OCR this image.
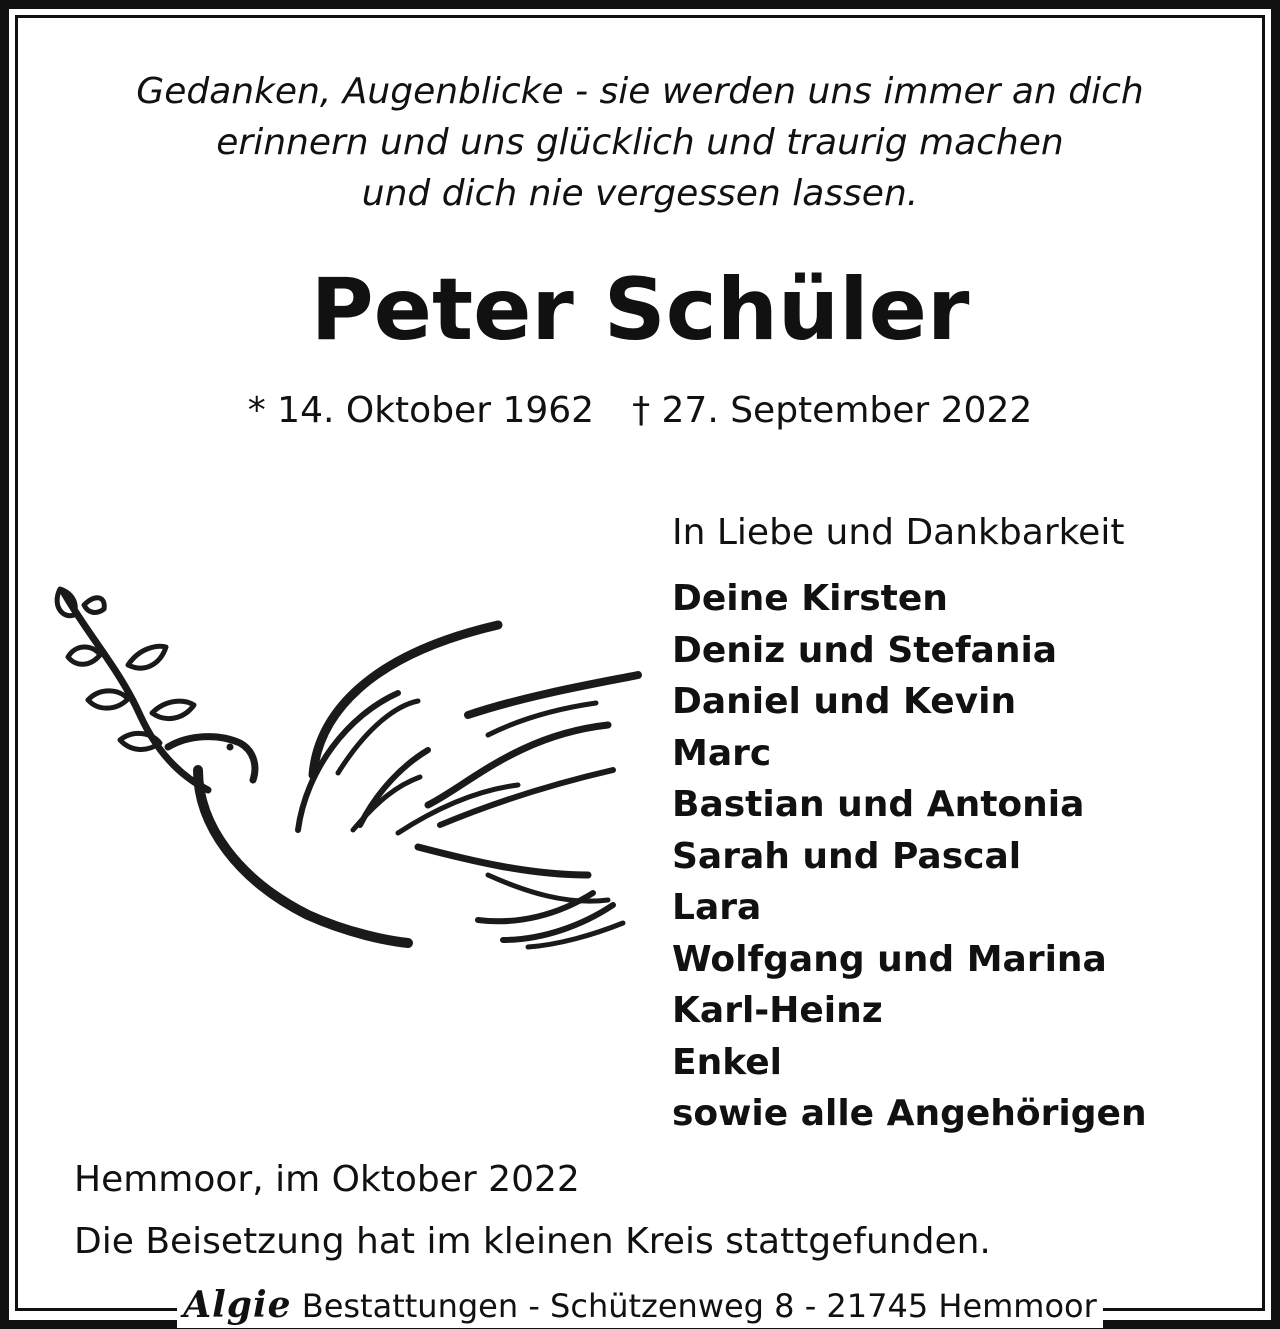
Gedanken, Augenblicke - sie werden uns immer an dich
erinnern und uns glücklich und traurig machen
und dich nie vergessen lassen.
Peter Schüler
* 14. Oktober 1962 † 27. September 2022
In Liebe und Dankbarkeit
Deine Kirsten
Deniz und Stefania
Daniel und Kevin
Marc
Bastian und Antonia
Sarah und Pascal
Lara
Wolfgang und Marina
Karl-Heinz
Enkel
sowie alle Angehörigen
Hemmoor, im Oktober 2022
Die Beisetzung hat im kleinen Kreis stattgefunden.
Algie Bestattungen - Schützenweg 8 - 21745 Hemmoor
